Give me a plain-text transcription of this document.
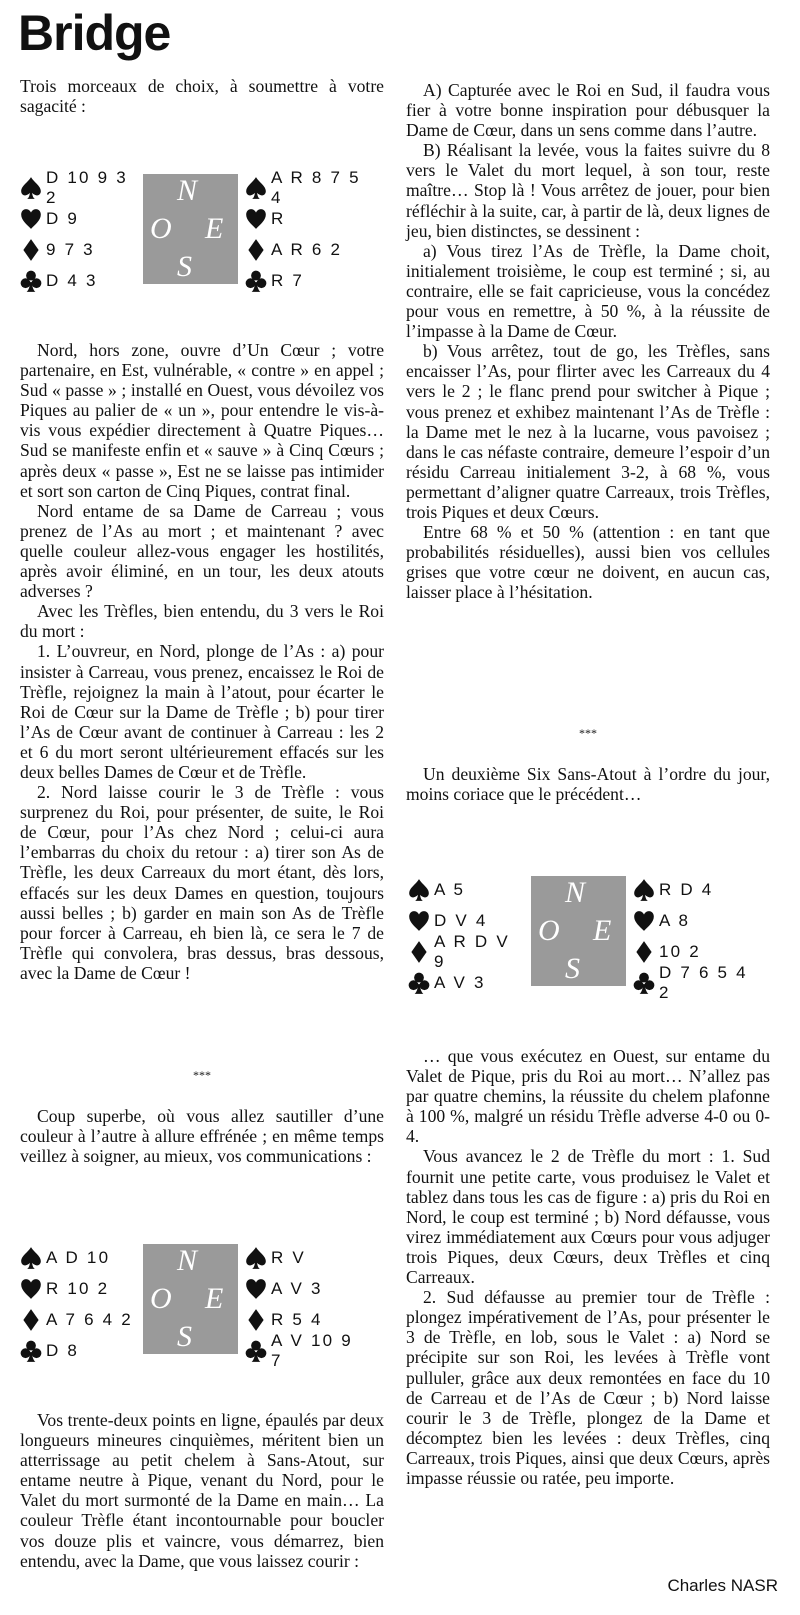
Bridge

Trois morceaux de choix, à soumettre à votre sagacité :

Nord, hors zone, ouvre d’Un Cœur ; votre partenaire, en Est, vulnérable, « contre » en appel ; Sud « passe » ; installé en Ouest, vous dévoilez vos Piques au palier de « un », pour entendre le vis-à-vis vous expédier directement à Quatre Piques… Sud se manifeste enfin et « sauve » à Cinq Cœurs ; après deux « passe », Est ne se laisse pas intimider et sort son carton de Cinq Piques, contrat final.

Nord entame de sa Dame de Carreau ; vous prenez de l’As au mort ; et maintenant ? avec quelle couleur allez-vous engager les hostilités, après avoir éliminé, en un tour, les deux atouts adverses ?

Avec les Trèfles, bien entendu, du 3 vers le Roi du mort :

1. L’ouvreur, en Nord, plonge de l’As : a) pour insister à Carreau, vous prenez, encaissez le Roi de Trèfle, rejoignez la main à l’atout, pour écarter le Roi de Cœur sur la Dame de Trèfle ; b) pour tirer l’As de Cœur avant de continuer à Carreau : les 2 et 6 du mort seront ultérieurement effacés sur les deux belles Dames de Cœur et de Trèfle.

2. Nord laisse courir le 3 de Trèfle : vous surprenez du Roi, pour présenter, de suite, le Roi de Cœur, pour l’As chez Nord ; celui-ci aura l’embarras du choix du retour : a) tirer son As de Trèfle, les deux Carreaux du mort étant, dès lors, effacés sur les deux Dames en question, toujours aussi belles ; b) garder en main son As de Trèfle pour forcer à Carreau, eh bien là, ce sera le 7 de Trèfle qui convolera, bras dessus, bras dessous, avec la Dame de Cœur !

***

Coup superbe, où vous allez sautiller d’une couleur à l’autre à allure effrénée ; en même temps veillez à soigner, au mieux, vos communications :

Vos trente-deux points en ligne, épaulés par deux longueurs mineures cinquièmes, méritent bien un atterrissage au petit chelem à Sans-Atout, sur entame neutre à Pique, venant du Nord, pour le Valet du mort surmonté de la Dame en main… La couleur Trèfle étant incontournable pour boucler vos douze plis et vaincre, vous démarrez, bien entendu, avec la Dame, que vous laissez courir :

A) Capturée avec le Roi en Sud, il faudra vous fier à votre bonne inspiration pour débusquer la Dame de Cœur, dans un sens comme dans l’autre.

B) Réalisant la levée, vous la faites suivre du 8 vers le Valet du mort lequel, à son tour, reste maître… Stop là ! Vous arrêtez de jouer, pour bien réfléchir à la suite, car, à partir de là, deux lignes de jeu, bien distinctes, se dessinent :

a) Vous tirez l’As de Trèfle, la Dame choit, initialement troisième, le coup est terminé ; si, au contraire, elle se fait capricieuse, vous la concédez pour vous en remettre, à 50 %, à la réussite de l’impasse à la Dame de Cœur.

b) Vous arrêtez, tout de go, les Trèfles, sans encaisser l’As, pour flirter avec les Carreaux du 4 vers le 2 ; le flanc prend pour switcher à Pique ; vous prenez et exhibez maintenant l’As de Trèfle : la Dame met le nez à la lucarne, vous pavoisez ; dans le cas néfaste contraire, demeure l’espoir d’un résidu Carreau initialement 3-2, à 68 %, vous permettant d’aligner quatre Carreaux, trois Trèfles, trois Piques et deux Cœurs.

Entre 68 % et 50 % (attention : en tant que probabilités résiduelles), aussi bien vos cellules grises que votre cœur ne doivent, en aucun cas, laisser place à l’hésitation.

***

Un deuxième Six Sans-Atout à l’ordre du jour, moins coriace que le précédent…

… que vous exécutez en Ouest, sur entame du Valet de Pique, pris du Roi au mort… N’allez pas par quatre chemins, la réussite du chelem plafonne à 100 %, malgré un résidu Trèfle adverse 4-0 ou 0-4.

Vous avancez le 2 de Trèfle du mort : 1. Sud fournit une petite carte, vous produisez le Valet et tablez dans tous les cas de figure : a) pris du Roi en Nord, le coup est terminé ; b) Nord défausse, vous virez immédiatement aux Cœurs pour vous adjuger trois Piques, deux Cœurs, deux Trèfles et cinq Carreaux.

2. Sud défausse au premier tour de Trèfle : plongez impérativement de l’As, pour présenter le 3 de Trèfle, en lob, sous le Valet : a) Nord se précipite sur son Roi, les levées à Trèfle vont pulluler, grâce aux deux remontées en face du 10 de Carreau et de l’As de Cœur ; b) Nord laisse courir le 3 de Trèfle, plongez de la Dame et décomptez bien les levées : deux Trèfles, cinq Carreaux, trois Piques, ainsi que deux Cœurs, après impasse réussie ou ratée, peu importe.

Charles NASR
D 10 9 3 2
D 9
9 7 3
D 4 3
N
O E
S
A R 8 7 5 4
R
A R 6 2
R 7
A D 10
R 10 2
A 7 6 4 2
D 8
N
O E
S
R V
A V 3
R 5 4
A V 10 9 7
A 5
D V 4
A R D V 9
A V 3
N
O E
S
R D 4
A 8
10 2
D 7 6 5 4 2
